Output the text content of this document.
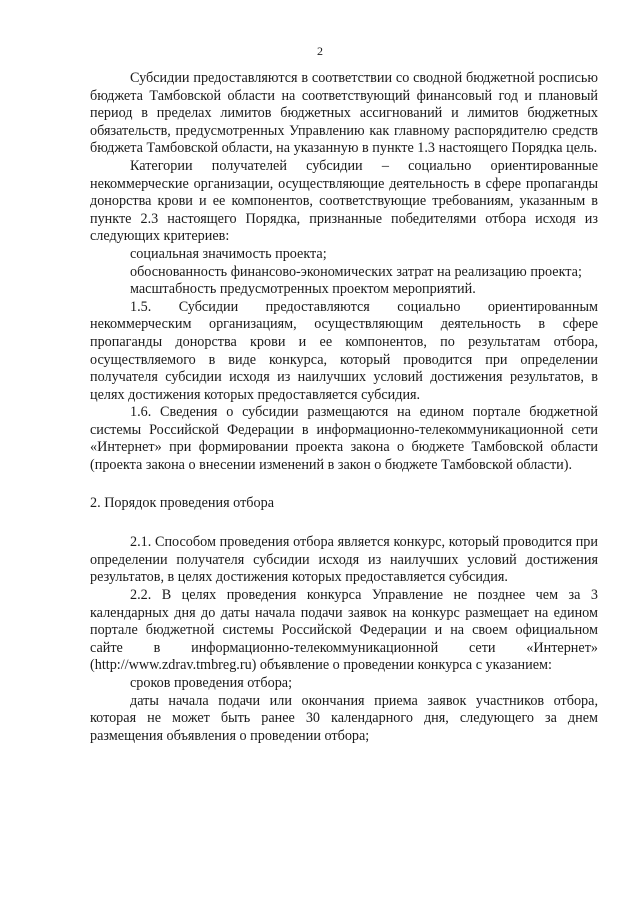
2

Субсидии предоставляются в соответствии со сводной бюджетной росписью бюджета Тамбовской области на соответствующий финансовый год и плановый период в пределах лимитов бюджетных ассигнований и лимитов бюджетных обязательств, предусмотренных Управлению как главному распорядителю средств бюджета Тамбовской области, на указанную в пункте 1.3 настоящего Порядка цель.

Категории получателей субсидии – социально ориентированные некоммерческие организации, осуществляющие деятельность в сфере пропаганды донорства крови и ее компонентов, соответствующие требованиям, указанным в пункте 2.3 настоящего Порядка, признанные победителями отбора исходя из следующих критериев:

социальная значимость проекта;

обоснованность финансово-экономических затрат на реализацию проекта;

масштабность предусмотренных проектом мероприятий.

1.5. Субсидии предоставляются социально ориентированным некоммерческим организациям, осуществляющим деятельность в сфере пропаганды донорства крови и ее компонентов, по результатам отбора, осуществляемого в виде конкурса, который проводится при определении получателя субсидии исходя из наилучших условий достижения результатов, в целях достижения которых предоставляется субсидия.

1.6. Сведения о субсидии размещаются на едином портале бюджетной системы Российской Федерации в информационно-телекоммуникационной сети «Интернет» при формировании проекта закона о бюджете Тамбовской области (проекта закона о внесении изменений в закон о бюджете Тамбовской области).

2. Порядок проведения отбора

2.1. Способом проведения отбора является конкурс, который проводится при определении получателя субсидии исходя из наилучших условий достижения результатов, в целях достижения которых предоставляется субсидия.

2.2. В целях проведения конкурса Управление не позднее чем за 3 календарных дня до даты начала подачи заявок на конкурс размещает на едином портале бюджетной системы Российской Федерации и на своем официальном сайте в информационно-телекоммуникационной сети «Интернет» (http://www.zdrav.tmbreg.ru) объявление о проведении конкурса с указанием:

сроков проведения отбора;

даты начала подачи или окончания приема заявок участников отбора, которая не может быть ранее 30 календарного дня, следующего за днем размещения объявления о проведении отбора;
